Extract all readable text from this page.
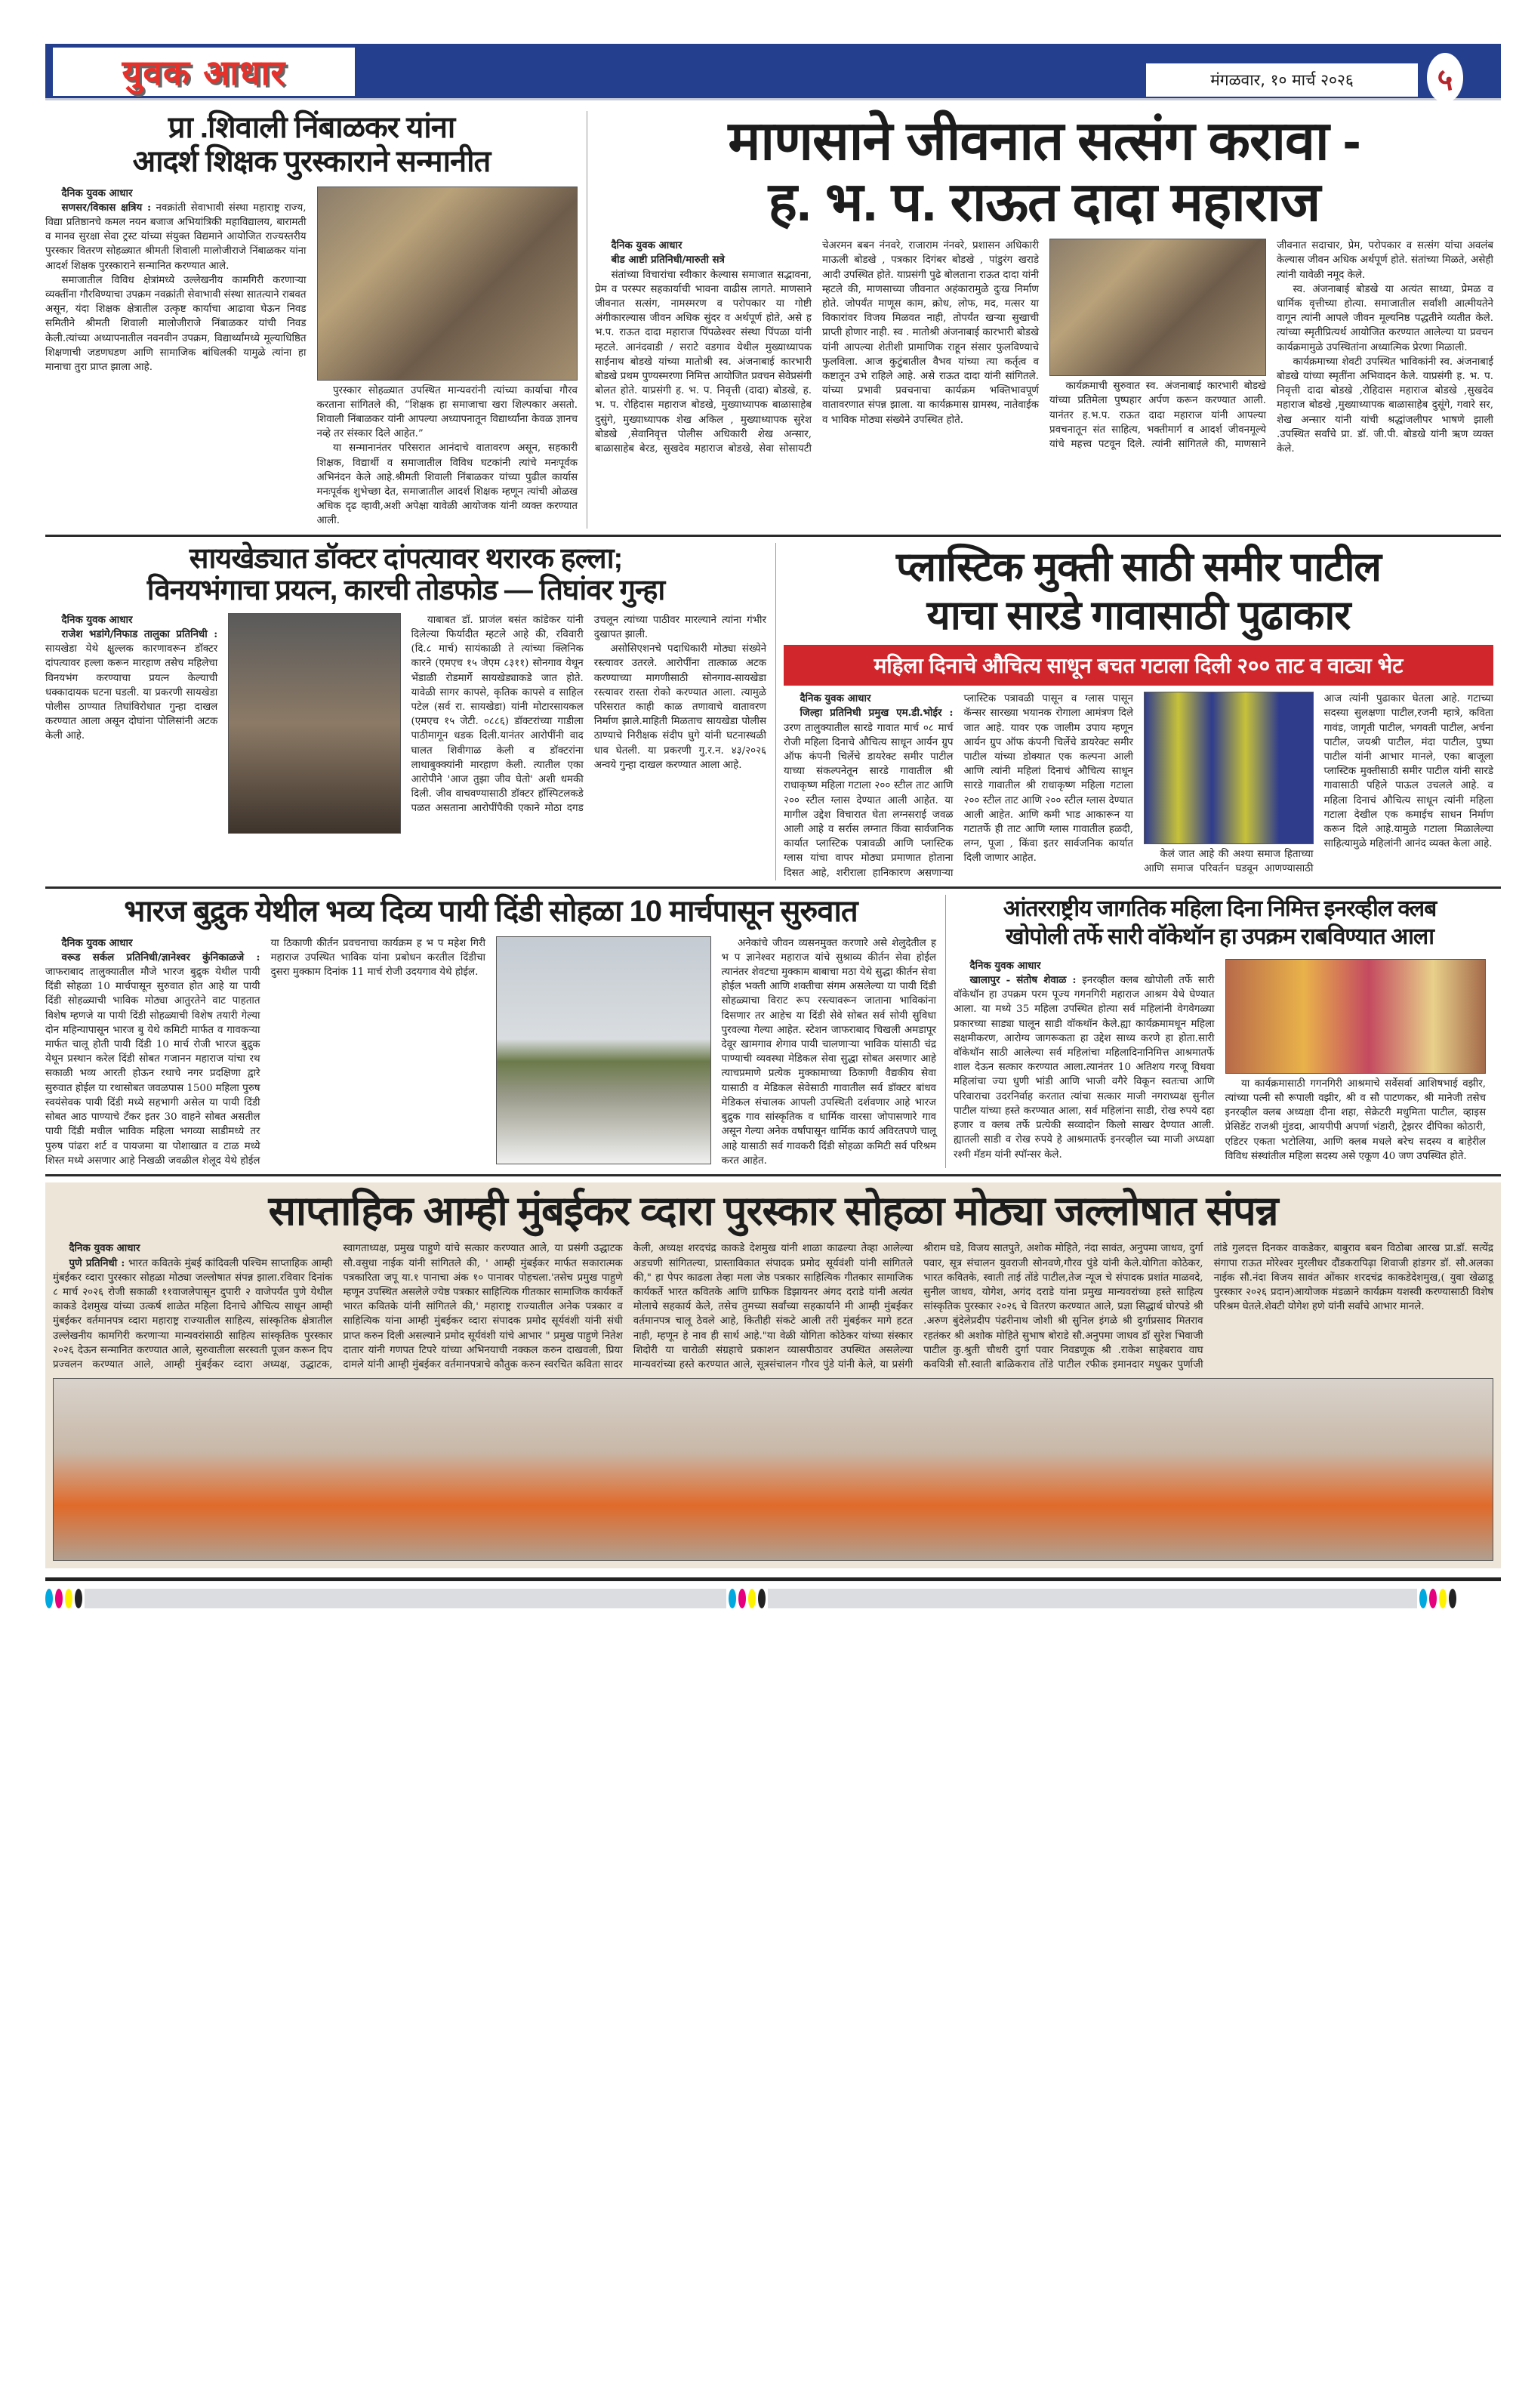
युवक आधार	मंगळवार, १० मार्च २०२६	५
प्रा .शिवाली निंबाळकर यांना
आदर्श शिक्षक पुरस्काराने सन्मानीत

दैनिक युवक आधार

सणसर/विकास क्षत्रिय : नवक्रांती सेवाभावी संस्था महाराष्ट्र राज्य, विद्या प्रतिष्ठानचे कमल नयन बजाज अभियांत्रिकी महाविद्यालय, बारामती व मानव सुरक्षा सेवा ट्रस्ट यांच्या संयुक्त विद्यमाने आयोजित राज्यस्तरीय पुरस्कार वितरण सोहळ्यात श्रीमती शिवाली मालोजीराजे निंबाळकर यांना आदर्श शिक्षक पुरस्काराने सन्मानित करण्यात आले.

समाजातील विविध क्षेत्रांमध्ये उल्लेखनीय कामगिरी करणाऱ्या व्यक्तींना गौरविण्याचा उपक्रम नवक्रांती सेवाभावी संस्था सातत्याने राबवत असून, यंदा शिक्षक क्षेत्रातील उत्कृष्ट कार्याचा आढावा घेऊन निवड समितीने श्रीमती शिवाली मालोजीराजे निंबाळकर यांची निवड केली.त्यांच्या अध्यापनातील नवनवीन उपक्रम, विद्यार्थ्यांमध्ये मूल्याधिष्ठित शिक्षणाची जडणघडण आणि सामाजिक बांधिलकी यामुळे त्यांना हा मानाचा तुरा प्राप्त झाला आहे.

पुरस्कार सोहळ्यात उपस्थित मान्यवरांनी त्यांच्या कार्याचा गौरव करताना सांगितले की, “शिक्षक हा समाजाचा खरा शिल्पकार असतो. शिवाली निंबाळकर यांनी आपल्या अध्यापनातून विद्यार्थ्यांना केवळ ज्ञानच नव्हे तर संस्कार दिले आहेत.”

या सन्मानानंतर परिसरात आनंदाचे वातावरण असून, सहकारी शिक्षक, विद्यार्थी व समाजातील विविध घटकांनी त्यांचे मनःपूर्वक अभिनंदन केले आहे.श्रीमती शिवाली निंबाळकर यांच्या पुढील कार्यास मनःपूर्वक शुभेच्छा देत, समाजातील आदर्श शिक्षक म्हणून त्यांची ओळख अधिक दृढ व्हावी,अशी अपेक्षा यावेळी आयोजक यांनी व्यक्त करण्यात आली.

माणसाने जीवनात सत्संग करावा -
ह. भ. प. राऊत दादा महाराज

दैनिक युवक आधार

बीड आष्टी प्रतिनिधी/मारुती सत्रे

संतांच्या विचारांचा स्वीकार केल्यास समाजात सद्भावना, प्रेम व परस्पर सहकार्याची भावना वाढीस लागते. माणसाने जीवनात सत्संग, नामस्मरण व परोपकार या गोष्टी अंगीकारल्यास जीवन अधिक सुंदर व अर्थपूर्ण होते, असे ह भ.प. राऊत दादा महाराज पिंपळेश्वर संस्था पिंपळा यांनी म्हटले. आनंदवाडी / सराटे वडगाव येथील मुख्याध्यापक साईनाथ बोडखे यांच्या मातोश्री स्व. अंजनाबाई कारभारी बोडखे प्रथम पुण्यस्मरणा निमित्त आयोजित प्रवचन सेवेप्रसंगी बोलत होते. याप्रसंगी ह. भ. प. निवृत्ती (दादा) बोडखे, ह. भ. प. रोहिदास महाराज बोडखे, मुख्याध्यापक बाळासाहेब दुसुंगे, मुख्याध्यापक शेख अकिल , मुख्याध्यापक सुरेश बोडखे ,सेवानिवृत्त पोलीस अधिकारी शेख अन्सार, बाळासाहेब बेरड, सुखदेव महाराज बोडखे, सेवा सोसायटी चेअरमन बबन नंनवरे, राजाराम नंनवरे, प्रशासन अधिकारी माऊली बोडखे , पत्रकार दिगंबर बोडखे , पांडुरंग खराडे आदी उपस्थित होते. याप्रसंगी पुढे बोलताना राऊत दादा यांनी म्हटले की, माणसाच्या जीवनात अहंकारामुळे दुःख निर्माण होते. जोपर्यंत माणूस काम, क्रोध, लोफ, मद, मत्सर या विकारांवर विजय मिळवत नाही, तोपर्यंत खऱ्या सुखाची प्राप्ती होणार नाही. स्व . मातोश्री अंजनाबाई कारभारी बोडखे यांनी आपल्या शेतीशी प्रामाणिक राहून संसार फुलविण्याचे फुलविला. आज कुटुंबातील वैभव यांच्या त्या कर्तृत्व व कष्टातून उभे राहिले आहे. असे राऊत दादा यांनी सांगितले. यांच्या प्रभावी प्रवचनाचा कार्यक्रम भक्तिभावपूर्ण वातावरणात संपन्न झाला. या कार्यक्रमास ग्रामस्थ, नातेवाईक व भाविक मोठ्या संख्येने उपस्थित होते.

कार्यक्रमाची सुरुवात स्व. अंजनाबाई कारभारी बोडखे यांच्या प्रतिमेला पुष्पहार अर्पण करून करण्यात आली. यानंतर ह.भ.प. राऊत दादा महाराज यांनी आपल्या प्रवचनातून संत साहित्य, भक्तीमार्ग व आदर्श जीवनमूल्ये यांचे महत्त्व पटवून दिले. त्यांनी सांगितले की, माणसाने जीवनात सदाचार, प्रेम, परोपकार व सत्संग यांचा अवलंब केल्यास जीवन अधिक अर्थपूर्ण होते. संतांच्या मिळते, असेही त्यांनी यावेळी नमूद केले.

स्व. अंजनाबाई बोडखे या अत्यंत साध्या, प्रेमळ व धार्मिक वृत्तीच्या होत्या. समाजातील सर्वांशी आत्मीयतेने वागून त्यांनी आपले जीवन मूल्यनिष्ठ पद्धतीने व्यतीत केले. त्यांच्या स्मृतीप्रित्यर्थ आयोजित करण्यात आलेल्या या प्रवचन कार्यक्रमामुळे उपस्थितांना अध्यात्मिक प्रेरणा मिळाली.

कार्यक्रमाच्या शेवटी उपस्थित भाविकांनी स्व. अंजनाबाई बोडखे यांच्या स्मृतींना अभिवादन केले. याप्रसंगी ह. भ. प. निवृत्ती दादा बोडखे ,रोहिदास महाराज बोडखे ,सुखदेव महाराज बोडखे ,मुख्याध्यापक बाळासाहेब दुसूंगे, गवारे सर, शेख अन्सार यांनी यांची श्रद्धांजलीपर भाषणे झाली .उपस्थित सर्वांचे प्रा. डॉ. जी.पी. बोडखे यांनी ऋण व्यक्त केले.

सायखेड्यात डॉक्टर दांपत्यावर थरारक हल्ला;
विनयभंगाचा प्रयत्न, कारची तोडफोड — तिघांवर गुन्हा

दैनिक युवक आधार

राजेश भडांगे/निफाड तालुका प्रतिनिधी : सायखेडा येथे क्षुल्लक कारणावरून डॉक्टर दांपत्यावर हल्ला करून मारहाण तसेच महिलेचा विनयभंग करण्याचा प्रयत्न केल्याची धक्कादायक घटना घडली. या प्रकरणी सायखेडा पोलीस ठाण्यात तिघांविरोधात गुन्हा दाखल करण्यात आला असून दोघांना पोलिसांनी अटक केली आहे.

याबाबत डॉ. प्राजंल बसंत कांडेकर यांनी दिलेल्या फिर्यादीत म्हटले आहे की, रविवारी (दि.८ मार्च) सायंकाळी ते त्यांच्या क्लिनिक कारने (एमएच १५ जेएम ८३११) सोनगाव येथून भेंडाळी रोडमार्गे सायखेड्याकडे जात होते. यावेळी सागर कापसे, कृतिक कापसे व साहिल पटेल (सर्व रा. सायखेडा) यांनी मोटारसायकल (एमएच १५ जेटी. ०८८६) डॉक्टरांच्या गाडीला पाठीमागून धडक दिली.यानंतर आरोपींनी वाद घालत शिवीगाळ केली व डॉक्टरांना लाथाबुक्क्यांनी मारहाण केली. त्यातील एका आरोपीने 'आज तुझा जीव घेतो' अशी धमकी दिली. जीव वाचवण्यासाठी डॉक्टर हॉस्पिटलकडे पळत असताना आरोपींपैकी एकाने मोठा दगड उचलून त्यांच्या पाठीवर मारल्याने त्यांना गंभीर दुखापत झाली.

असोसिएशनचे पदाधिकारी मोठ्या संख्येने रस्त्यावर उतरले. आरोपींना तात्काळ अटक करण्याच्या मागणीसाठी सोनगाव-सायखेडा रस्त्यावर रास्ता रोको करण्यात आला. त्यामुळे परिसरात काही काळ तणावाचे वातावरण निर्माण झाले.माहिती मिळताच सायखेडा पोलीस ठाण्याचे निरीक्षक संदीप घुगे यांनी घटनास्थळी धाव घेतली. या प्रकरणी गु.र.न. ४३/२०२६ अन्वये गुन्हा दाखल करण्यात आला आहे.

प्लास्टिक मुक्ती साठी समीर पाटील
याचा सारडे गावासाठी पुढाकार
महिला दिनाचे औचित्य साधून बचत गटाला दिली २०० ताट व वाट्या भेट

दैनिक युवक आधार

जिल्हा प्रतिनिधी प्रमुख एम.डी.भोईर : उरण तालुक्यातील सारडे गावात मार्च ०८ मार्च रोजी महिला दिनाचे औचित्य साधून आर्यन ग्रुप ऑफ कंपनी चिर्लेचे डायरेक्ट समीर पाटील याच्या संकल्पनेतून सारडे गावातील श्री राधाकृष्ण महिला गटाला २०० स्टील ताट आणि २०० स्टील ग्लास देण्यात आली आहेत. या मागील उद्देश विचारात घेता लग्नसराई जवळ आली आहे व सर्रास लग्नात किंवा सार्वजनिक कार्यात प्लास्टिक पत्रावळी आणि प्लास्टिक ग्लास यांचा वापर मोठ्या प्रमाणात होताना दिसत आहे, शरीराला हानिकारण असणाऱ्या प्लास्टिक पत्रावळी पासून व ग्लास पासून कॅन्सर सारख्या भयानक रोगाला आमंत्रण दिले जात आहे. यावर एक जालीम उपाय म्हणून आर्यन ग्रुप ऑफ कंपनी चिर्लेचे डायरेक्ट समीर पाटील यांच्या डोक्यात एक कल्पना आली आणि त्यांनी महिलां दिनाचं औचित्य साधून सारडे गावातील श्री राधाकृष्ण महिला गटाला २०० स्टील ताट आणि २०० स्टील ग्लास देण्यात आली आहेत. आणि कमी भाड आकारून या गटातर्फे ही ताट आणि ग्लास गावातील हळदी, लग्न, पूजा , किंवा इतर सार्वजनिक कार्यात दिली जाणार आहेत.	केलं जात आहे की अश्या समाज हिताच्या आणि समाज परिवर्तन घडवून आणण्यासाठी आज त्यांनी पुढाकार घेतला आहे. गटाच्या सदस्या सुलक्षणा पाटील,रजनी म्हात्रे, कविता गावंड, जागृती पाटील, भगवती पाटील, अर्चना पाटील, जयश्री पाटील, मंदा पाटील, पुष्पा पाटील यांनी आभार मानले, एका बाजूला प्लास्टिक मुक्तीसाठी समीर पाटील यांनी सारडे गावासाठी पहिले पाऊल उचलले आहे. व महिला दिनाचं औचित्य साधून त्यांनी महिला गटाला देखील एक कमाईच साधन निर्माण करून दिले आहे.यामुळे गटाला मिळालेल्या साहित्यामुळे महिलांनी आनंद व्यक्त केला आहे.

भारज बुद्रुक येथील भव्य दिव्य पायी दिंडी सोहळा 10 मार्चपासून सुरुवात

दैनिक युवक आधार

वरूड सर्कल प्रतिनिधी/ज्ञानेश्वर कुंनिकाळजे : जाफराबाद तालुक्यातील मौजे भारज बुद्रुक येथील पायी दिंडी सोहळा 10 मार्चपासून सुरुवात होत आहे या पायी दिंडी सोहळ्याची भाविक मोठ्या आतुरतेने वाट पाहतात विशेष म्हणजे या पायी दिंडी सोहळ्याची विशेष तयारी गेल्या दोन महिन्यापासून भारज बु येथे कमिटी मार्फत व गावकऱ्या मार्फत चालू होती पायी दिंडी 10 मार्च रोजी भारज बुद्रुक येथून प्रस्थान करेल दिंडी सोबत गजानन महाराज यांचा रथ सकाळी भव्य आरती होऊन रथाचे नगर प्रदक्षिणा द्वारे सुरुवात होईल या रथासोबत जवळपास 1500 महिला पुरुष स्वयंसेवक पायी दिंडी मध्ये सहभागी असेल या पायी दिंडी सोबत आठ पाण्याचे टँकर इतर 30 वाहने सोबत असतील पायी दिंडी मधील भाविक महिला भगव्या साडीमध्ये तर पुरुष पांढरा शर्ट व पायजमा या पोशाखात व टाळ मध्ये शिस्त मध्ये असणार आहे निखळी जवळील शेलूद येथे होईल या ठिकाणी कीर्तन प्रवचनाचा कार्यक्रम ह भ प महेश गिरी महाराज उपस्थित भाविक यांना प्रबोधन करतील दिंडीचा दुसरा मुक्काम दिनांक 11 मार्च रोजी उदयगाव येथे होईल.

अनेकांचे जीवन व्यसनमुक्त करणारे असे शेलुदेतील ह भ प ज्ञानेश्वर महाराज यांचे सुश्राव्य कीर्तन सेवा होईल त्यानंतर शेवटचा मुक्काम बाबाचा मठा येथे सुद्धा कीर्तन सेवा होईल भक्ती आणि शक्तीचा संगम असलेल्या या पायी दिंडी सोहळ्याचा विराट रूप रस्त्यावरून जाताना भाविकांना दिसणार तर आहेच या दिंडी सेवे सोबत सर्व सोयी सुविधा पुरवल्या गेल्या आहेत. स्टेशन जाफराबाद चिखली अमडापूर देवूर खामगाव शेगाव पायी चालणाऱ्या भाविक यांसाठी चंद्र पाण्याची व्यवस्था मेडिकल सेवा सुद्धा सोबत असणार आहे त्याचप्रमाणे प्रत्येक मुक्कामाच्या ठिकाणी वैद्यकीय सेवा यासाठी व मेडिकल सेवेसाठी गावातील सर्व डॉक्टर बांधव मेडिकल संचालक आपली उपस्थिती दर्शवणार आहे भारज बुद्रुक गाव सांस्कृतिक व धार्मिक वारसा जोपासणारे गाव असून गेल्या अनेक वर्षांपासून धार्मिक कार्य अविरतपणे चालू आहे यासाठी सर्व गावकरी दिंडी सोहळा कमिटी सर्व परिश्रम करत आहेत.

आंतरराष्ट्रीय जागतिक महिला दिना निमित्त इनरव्हील क्लब
खोपोली तर्फे सारी वॉकेथॉन हा उपक्रम राबविण्यात आला

दैनिक युवक आधार

खालापुर - संतोष शेवाळ : इनरव्हील क्लब खोपोली तर्फे सारी वॉकेथॉन हा उपक्रम परम पूज्य गगनगिरी महाराज आश्रम येथे घेण्यात आला. या मध्ये 35 महिला उपस्थित होत्या सर्व महिलांनी वेगवेगळ्या प्रकारच्या साड्या घालून साडी वॉकथॉन केले.ह्या कार्यक्रमामधून महिला सक्षमीकरण, आरोग्य जागरूकता हा उद्देश साध्य करणे हा होता.सारी वॉकेथॉन साठी आलेल्या सर्व महिलांचा महिलादिनानिमित्त आश्रमातर्फे शाल देऊन सत्कार करण्यात आला.त्यानंतर 10 अतिशय गरजू विधवा महिलांचा ज्या धुणी भांडी आणि भाजी वगैरे विकून स्वतःचा आणि परिवाराचा उदरनिर्वाह करतात त्यांचा सत्कार माजी नगराध्यक्ष सुनील पाटील यांच्या हस्ते करण्यात आला, सर्व महिलांना साडी, रोख रुपये दहा हजार व क्लब तर्फे प्रत्येकी सव्वादोन किलो साखर देण्यात आली. ह्यातली साडी व रोख रुपये हे आश्रमातर्फे इनरव्हील च्या माजी अध्यक्षा रश्मी मॅडम यांनी स्पॉन्सर केले.

या कार्यक्रमासाठी गगनगिरी आश्रमाचे सर्वेसर्वा आशिषभाई वझीर, त्यांच्या पत्नी सौ रूपाली वझीर, श्री व सौ पाटणकर, श्री मानेजी तसेच इनरव्हील क्लब अध्यक्षा दीना शहा, सेक्रेटरी मधुमिता पाटील, व्हाइस प्रेसिडेंट राजश्री मुंडदा, आयपीपी अपर्णा भंडारी, ट्रेझरर दीपिका कोठारी, एडिटर एकता भटोलिया, आणि क्लब मधले बरेच सदस्य व बाहेरील विविध संस्थांतील महिला सदस्य असे एकूण 40 जण उपस्थित होते.

साप्ताहिक आम्ही मुंबईकर व्दारा पुरस्कार सोहळा मोठ्या जल्लोषात संपन्न

दैनिक युवक आधार

पुणे प्रतिनिधी : भारत कवितके मुंबई कांदिवली पश्चिम साप्ताहिक आम्ही मुंबईकर व्दारा पुरस्कार सोहळा मोठ्या जल्लोषात संपन्न झाला.रविवार दिनांक ८ मार्च २०२६ रोजी सकाळी ११वाजलेपासून दुपारी २ वाजेपर्यंत पुणे येथील काकडे देशमुख यांच्या उत्कर्ष शाळेत महिला दिनाचे औचित्य साधून आम्ही मुंबईकर वर्तमानपत्र व्दारा महाराष्ट्र राज्यातील साहित्य, सांस्कृतिक क्षेत्रातील उल्लेखनीय कामगिरी करणाऱ्या मान्यवरांसाठी साहित्य सांस्कृतिक पुरस्कार २०२६ देऊन सन्मानित करण्यात आले, सुरुवातीला सरस्वती पूजन करून दिप प्रज्वलन करण्यात आले, आम्ही मुंबईकर व्दारा अध्यक्ष, उद्धाटक, स्वागताध्यक्ष, प्रमुख पाहुणे यांचे सत्कार करण्यात आले, या प्रसंगी उद्धाटक सौ.वसुधा नाईक यांनी सांगितले की, ' आम्ही मुंबईकर मार्फत सकारात्मक पत्रकारिता जपू या.१ पानाचा अंक १० पानावर पोहचला.'तसेच प्रमुख पाहुणे म्हणून उपस्थित असलेले ज्येष्ठ पत्रकार साहित्यिक गीतकार सामाजिक कार्यकर्ते भारत कवितके यांनी सांगितले की,' महाराष्ट्र राज्यातील अनेक पत्रकार व साहित्यिक यांना आम्ही मुंबईकर व्दारा संपादक प्रमोद सूर्यवंशी यांनी संधी प्राप्त करुन दिली असल्याने प्रमोद सूर्यवंशी यांचे आभार " प्रमुख पाहुणे नितेश दातार यांनी गणपत टिपरे यांच्या अभिनयाची नक्कल करुन दाखवली, प्रिया दामले यांनी आम्ही मुंबईकर वर्तमानपत्राचे कौतुक करुन स्वरचित कविता सादर केली, अध्यक्ष शरदचंद्र काकडे देशमुख यांनी शाळा काढल्या तेव्हा आलेल्या अडचणी सांगितल्या, प्रास्ताविकात संपादक प्रमोद सूर्यवंशी यांनी सांगितले की," हा पेपर काढला तेव्हा मला जेष्ठ पत्रकार साहित्यिक गीतकार सामाजिक कार्यकर्ते भारत कवितके आणि ग्राफिक डिझायनर अंगद दराडे यांनी अत्यंत मोलाचे सहकार्य केले, तसेच तुमच्या सर्वांच्या सहकार्याने मी आम्ही मुंबईकर वर्तमानपत्र चालू ठेवले आहे, कितीही संकटे आली तरी मुंबईकर मागे हटत नाही, म्हणून हे नाव ही सार्थ आहे."या वेळी योगिता कोठेकर यांच्या संस्कार शिदोरी या चारोळी संग्रहाचे प्रकाशन व्यासपीठावर उपस्थित असलेल्या मान्यवरांच्या हस्ते करण्यात आले, सूत्रसंचालन गौरव पुंडे यांनी केले, या प्रसंगी श्रीराम घडे, विजय सातपुते, अशोक मोहिते, नंदा सावंत, अनुपमा जाधव, दुर्गा पवार, सूत्र संचालन युवराजी सोनवणे,गौरव पुंडे यांनी केले.योगिता कोठेकर, भारत कवितके, स्वाती ताई तोंडे पाटील,तेज न्यूज चे संपादक प्रशांत माळवदे, सुनील जाधव, योगेश, अगंद दराडे यांना प्रमुख मान्यवरांच्या हस्ते साहित्य सांस्कृतिक पुरस्कार २०२६ चे वितरण करण्यात आले, प्रज्ञा सिद्धार्थ घोरपडे श्री .अरुण बुंदेलेप्रदीप पंढरीनाथ जोशी श्री सुनिल इंगळे श्री दुर्गाप्रसाद मितराव रहतंकर श्री अशोक मोहिते सुभाष बोराडे सौ.अनुपमा जाधव डॉ सुरेश भिवाजी पाटील कु.श्रुती चौधरी दुर्गा पवार निवडणूक श्री .राकेश साहेबराव वाघ कवयित्री सौ.स्वाती बाळिकराव तोंडे पाटील रफीक इमानदार मधुकर पुर्णाजी तांडे गुलदत्त दिनकर वाकडेकर, बाबुराव बबन विठोबा आरख प्रा.डॉ. सत्येंद्र संगापा राऊत मोरेश्वर मुरलीधर दौंडकरापिढ़ा शिवाजी हांडगर डॉ. सौ.अलका नाईक सौ.नंदा विजय सावंत ओंकार शरदचंद्र काकडेदेशमुख,( युवा खेळाडू पुरस्कार २०२६ प्रदान)आयोजक मंडळाने कार्यक्रम यशस्वी करण्यासाठी विशेष परिश्रम घेतले.शेवटी योगेश हणे यांनी सर्वांचे आभार मानले.
